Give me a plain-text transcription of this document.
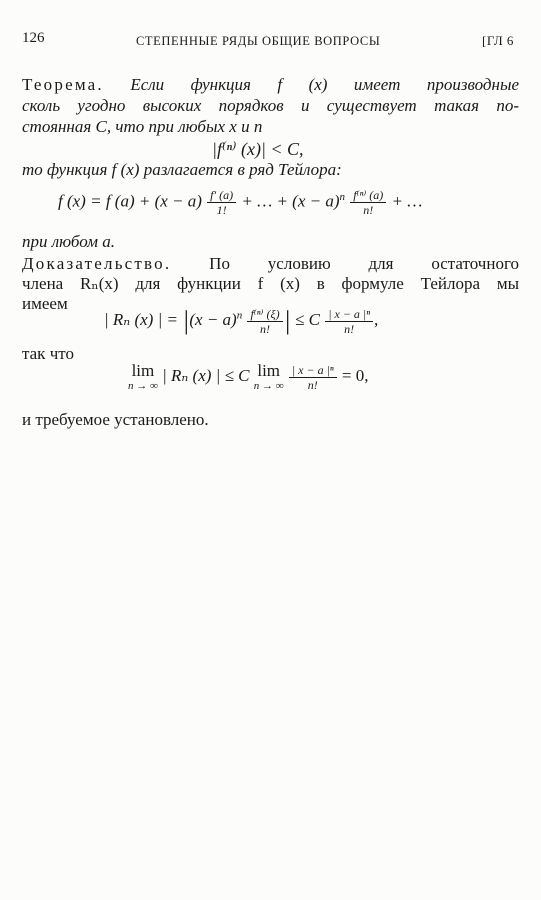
126	СТЕПЕННЫЕ РЯДЫ ОБЩИЕ ВОПРОСЫ	[ГЛ 6
Теорема. Если функция f (x) имеет производные
сколь угодно высоких порядков и существует такая по-
стоянная C, что при любых x и n
|f⁽ⁿ⁾ (x)| < C,
то функция f (x) разлагается в ряд Тейлора:
f (x) = f $(a) + (x - a) \frac{f' (a)}{1!}$ + … + $(x - a)^n \frac{\text{f⁽ⁿ⁾ (a)}}{n!}$ + …
при любом a.
Доказательство. По условию для остаточного
члена Rₙ(x) для функции f (x) в формуле Тейлора мы
имеем
| Rₙ (x) | = $|(x - a)^n \frac{\text{f⁽ⁿ⁾ (ξ)}}{n!}$ | ≤ C $\frac{\text{| x − a |ⁿ}}{n!}$ ,
так что
lim
n → ∞
| Rₙ (x) | ≤ C lim
n → ∞
$\frac{\text{| x − a |ⁿ}}{n!} = 0$,
и требуемое установлено.
